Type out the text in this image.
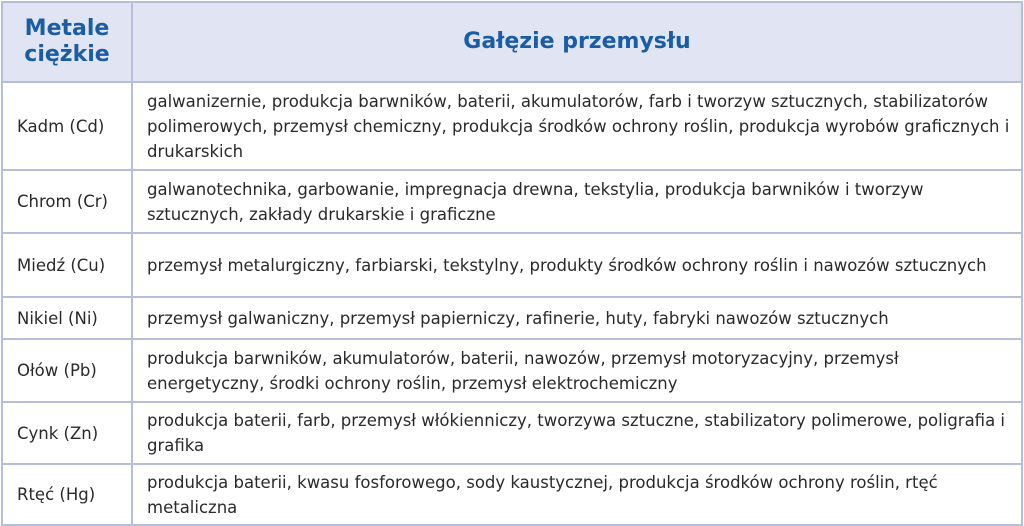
Metale ciężkie	Gałęzie przemysłu
Kadm (Cd)	galwanizernie, produkcja barwników, baterii, akumulatorów, farb i tworzyw sztucznych, stabilizatorów polimerowych, przemysł chemiczny, produkcja środków ochrony roślin, produkcja wyrobów graficznych i drukarskich
Chrom (Cr)	galwanotechnika, garbowanie, impregnacja drewna, tekstylia, produkcja barwników i tworzyw sztucznych, zakłady drukarskie i graficzne
Miedź (Cu)	przemysł metalurgiczny, farbiarski, tekstylny, produkty środków ochrony roślin i nawozów sztucznych
Nikiel (Ni)	przemysł galwaniczny, przemysł papierniczy, rafinerie, huty, fabryki nawozów sztucznych
Ołów (Pb)	produkcja barwników, akumulatorów, baterii, nawozów, przemysł motoryzacyjny, przemysł energetyczny, środki ochrony roślin, przemysł elektrochemiczny
Cynk (Zn)	produkcja baterii, farb, przemysł włókienniczy, tworzywa sztuczne, stabilizatory polimerowe, poligrafia i grafika
Rtęć (Hg)	produkcja baterii, kwasu fosforowego, sody kaustycznej, produkcja środków ochrony roślin, rtęć metaliczna
